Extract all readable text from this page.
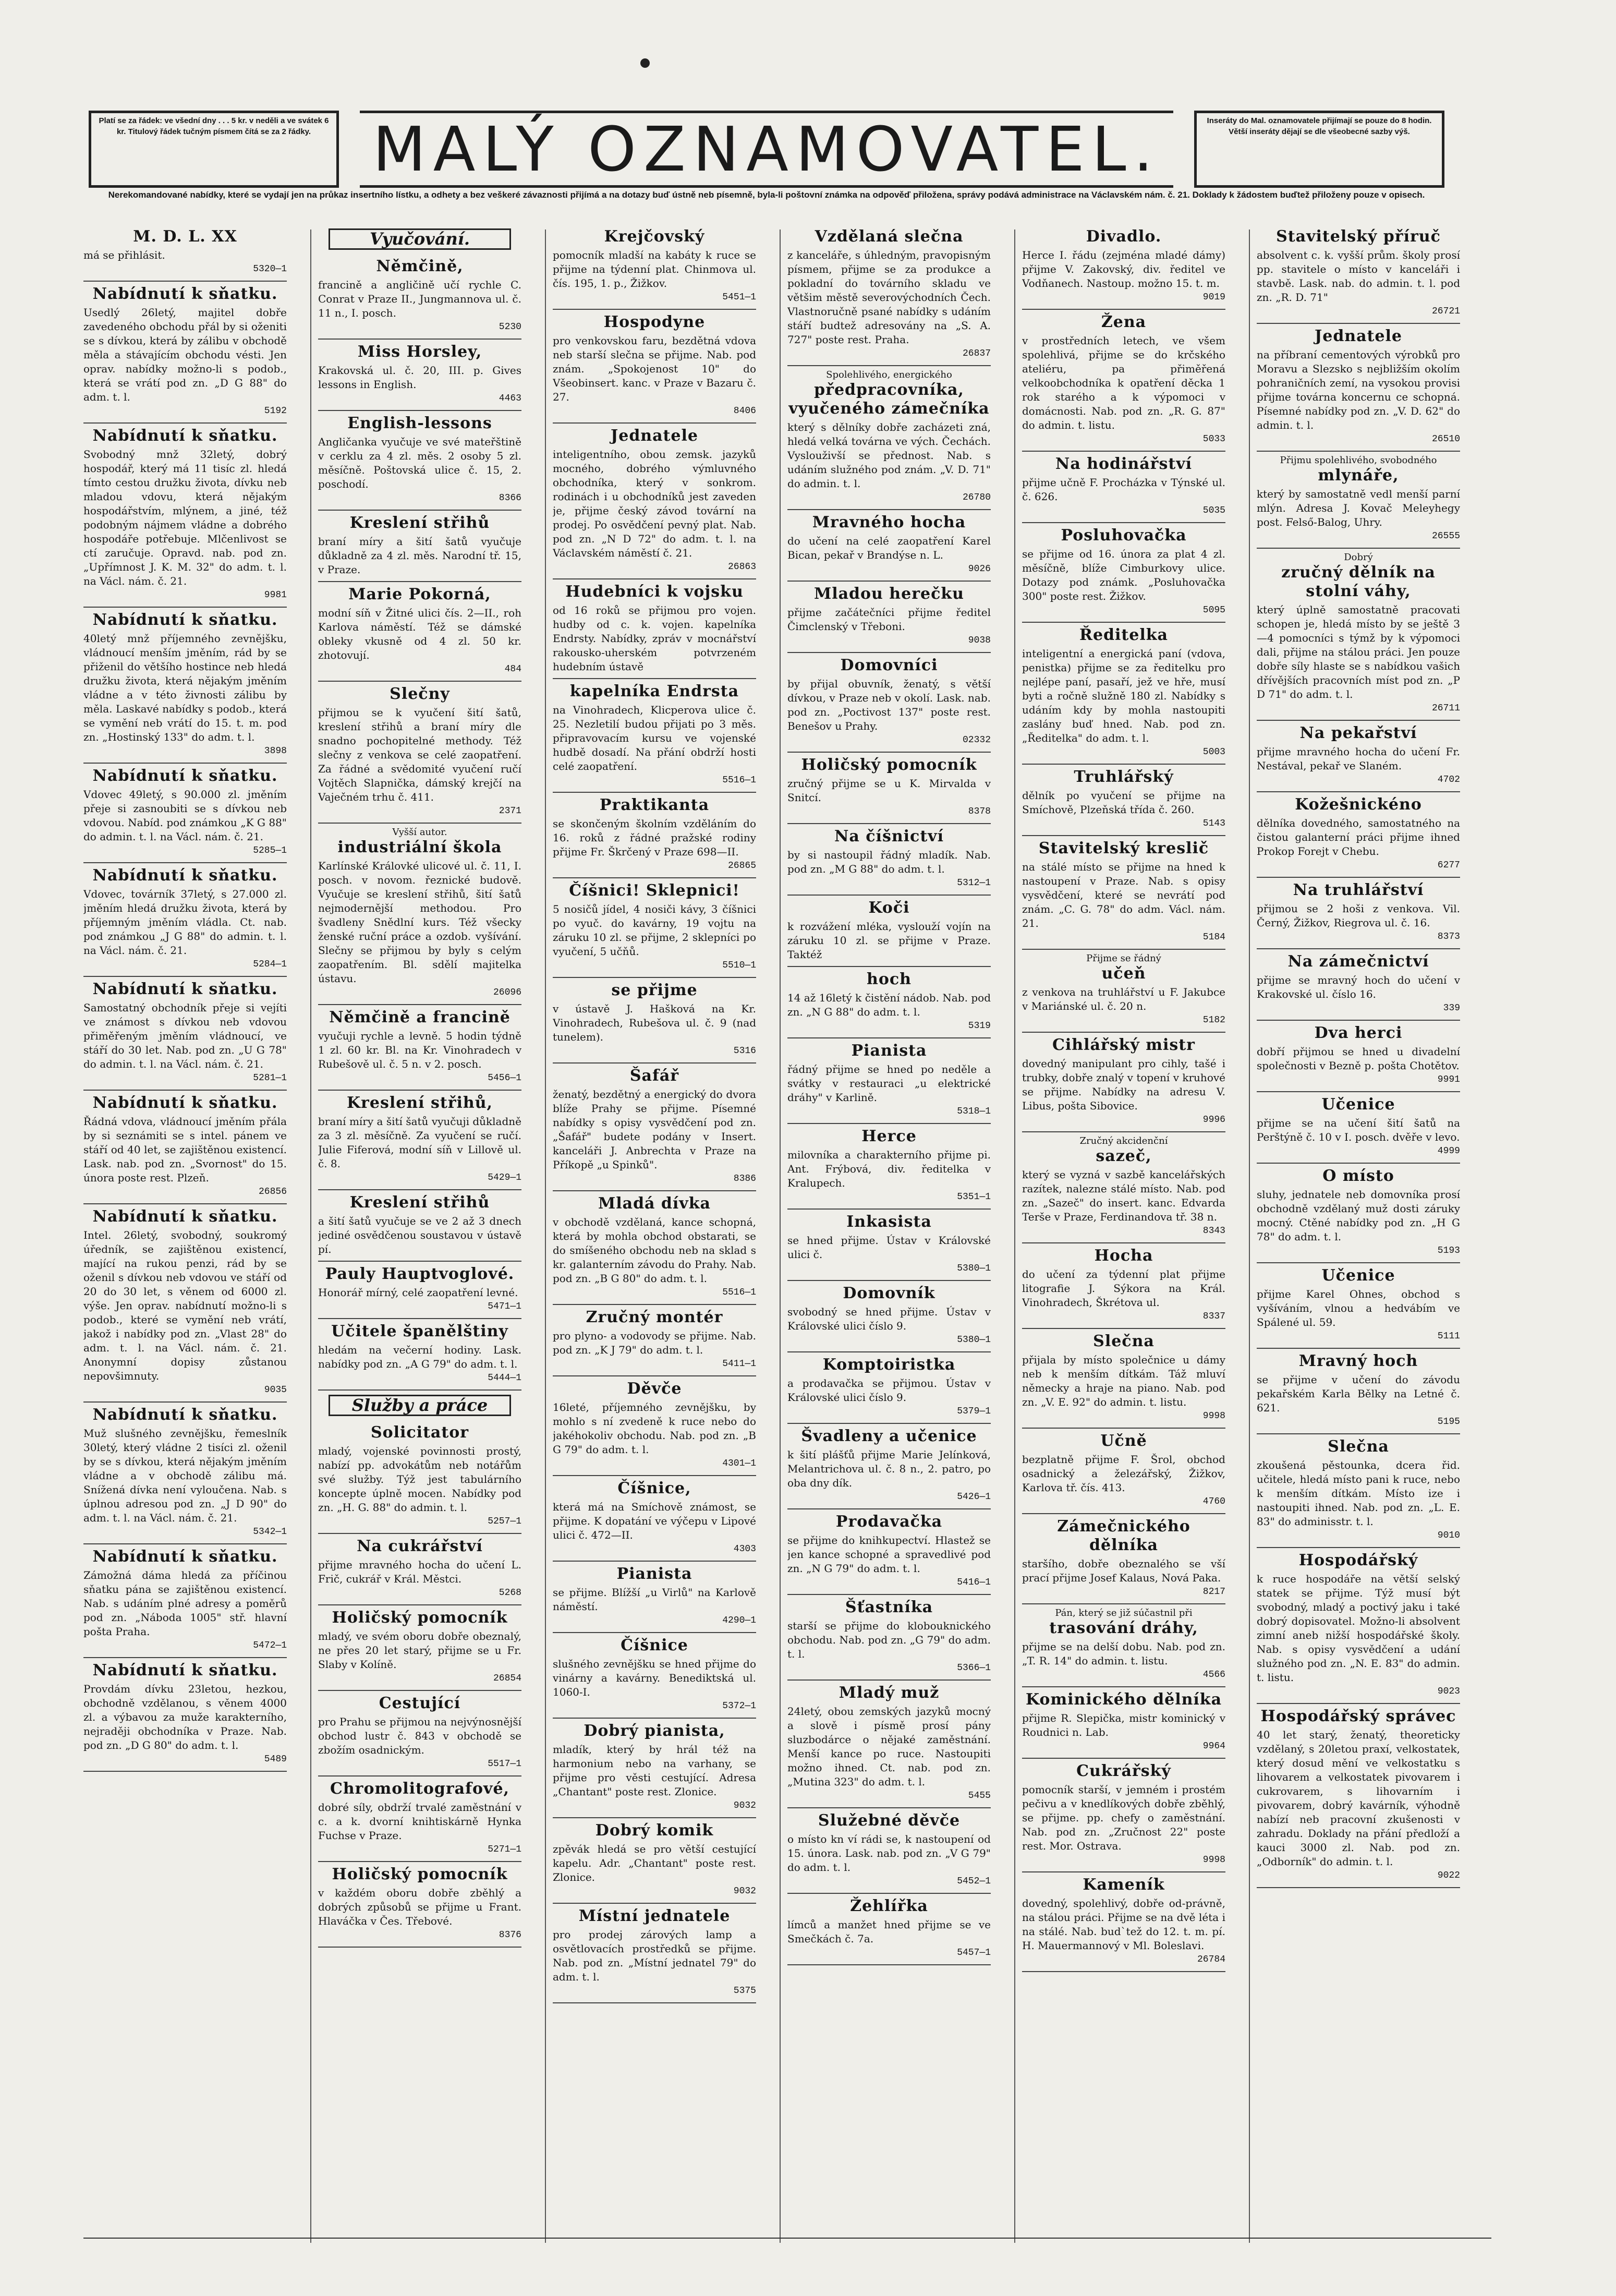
Platí se za řádek: ve všední dny . . . 5 kr. v neděli a ve svátek 6 kr. Titulový řádek tučným písmem čítá se za 2 řádky.	MALÝ OZNAMOVATEL.	Inseráty do Mal. oznamovatele přijímají se pouze do 8 hodin. Větší inseráty dějají se dle všeobecné sazby výš.
Nerekomandované nabídky, které se vydají jen na průkaz insertního lístku, a odhety a bez veškeré závaznosti přijímá a na dotazy buď ústně neb písemně, byla-li poštovní známka na odpověď přiložena, správy podává administrace na Václavském nám. č. 21. Doklady k žádostem buďtež přiloženy pouze v opisech.
M. D. L. XX
má se přihlásit.
5320—1
Nabídnutí k sňatku.
Usedlý 26letý, majitel dobře zavedeného obchodu přál by si oženiti se s dívkou, která by zálibu v obchodě měla a stávajícím obchodu vésti. Jen oprav. nabídky možno-li s podob., která se vrátí pod zn. „D G 88" do adm. t. l.
5192
Nabídnutí k sňatku.
Svobodný mnž 32letý, dobrý hospodář, který má 11 tisíc zl. hledá tímto cestou družku života, dívku neb mladou vdovu, která nějakým hospodářstvím, mlýnem, a jiné, též podobným nájmem vládne a dobrého hospodáře potřebuje. Mlčenlivost se ctí zaručuje. Opravd. nab. pod zn. „Upřímnost J. K. M. 32" do adm. t. l. na Václ. nám. č. 21.
9981
Nabídnutí k sňatku.
40letý mnž příjemného zevnějšku, vládnoucí menším jměním, rád by se přiženil do většího hostince neb hledá družku života, která nějakým jměním vládne a v této živnosti zálibu by měla. Laskavé nabídky s podob., která se vymění neb vrátí do 15. t. m. pod zn. „Hostinský 133" do adm. t. l.
3898
Nabídnutí k sňatku.
Vdovec 49letý, s 90.000 zl. jměním přeje si zasnoubiti se s dívkou neb vdovou. Nabíd. pod známkou „K G 88" do admin. t. l. na Václ. nám. č. 21.
5285—1
Nabídnutí k sňatku.
Vdovec, továrník 37letý, s 27.000 zl. jměním hledá družku života, která by příjemným jměním vládla. Ct. nab. pod známkou „J G 88" do admin. t. l. na Václ. nám. č. 21.
5284—1
Nabídnutí k sňatku.
Samostatný obchodník přeje si vejíti ve známost s dívkou neb vdovou přiměřeným jměním vládnoucí, ve stáří do 30 let. Nab. pod zn. „U G 78" do admin. t. l. na Václ. nám. č. 21.
5281—1
Nabídnutí k sňatku.
Řádná vdova, vládnoucí jměním přála by si seznámiti se s intel. pánem ve stáří od 40 let, se zajištěnou existencí. Lask. nab. pod zn. „Svornost" do 15. února poste rest. Plzeň.
26856
Nabídnutí k sňatku.
Intel. 26letý, svobodný, soukromý úředník, se zajištěnou existencí, mající na rukou penzi, rád by se oženil s dívkou neb vdovou ve stáří od 20 do 30 let, s věnem od 6000 zl. výše. Jen oprav. nabídnutí možno-li s podob., které se vymění neb vrátí, jakož i nabídky pod zn. „Vlast 28" do adm. t. l. na Václ. nám. č. 21. Anonymní dopisy zůstanou nepovšimnuty.
9035
Nabídnutí k sňatku.
Muž slušného zevnějšku, řemeslník 30letý, který vládne 2 tisíci zl. oženil by se s dívkou, která nějakým jměním vládne a v obchodě zálibu má. Snížená dívka není vyloučena. Nab. s úplnou adresou pod zn. „J D 90" do adm. t. l. na Václ. nám. č. 21.
5342—1
Nabídnutí k sňatku.
Zámožná dáma hledá za příčinou sňatku pána se zajištěnou existencí. Nab. s udáním plné adresy a poměrů pod zn. „Náboda 1005" stř. hlavní pošta Praha.
5472—1
Nabídnutí k sňatku.
Provdám dívku 23letou, hezkou, obchodně vzdělanou, s věnem 4000 zl. a výbavou za muže karakterního, nejraději obchodníka v Praze. Nab. pod zn. „D G 80" do adm. t. l.
5489
Vyučování.
Němčině,
francině a angličině učí rychle C. Conrat v Praze II., Jungmannova ul. č. 11 n., I. posch.
5230
Miss Horsley,
Krakovská ul. č. 20, III. p. Gives lessons in English.
4463
English-lessons
Angličanka vyučuje ve své mateřštině v cerklu za 4 zl. měs. 2 osoby 5 zl. měsíčně. Poštovská ulice č. 15, 2. poschodí.
8366
Kreslení střihů
braní míry a šití šatů vyučuje důkladně za 4 zl. měs. Narodní tř. 15, v Praze.
Marie Pokorná,
modní síň v Žitné ulici čís. 2—II., roh Karlova náměstí. Též se dámské obleky vkusně od 4 zl. 50 kr. zhotovují.
484
Slečny
přijmou se k vyučení šití šatů, kreslení střihů a braní míry dle snadno pochopitelné methody. Též slečny z venkova se celé zaopatření. Za řádné a svědomité vyučení ručí Vojtěch Slapnička, dámský krejčí na Vaječném trhu č. 411.
2371
Vyšší autor.
industriální škola
Karlínské Královké ulicové ul. č. 11, I. posch. v novom. řeznické budově. Vyučuje se kreslení střihů, šití šatů nejmodernější methodou. Pro švadleny Snědlní kurs. Též všecky ženské ruční práce a ozdob. vyšívání. Slečny se přijmou by byly s celým zaopatřením. Bl. sdělí majitelka ústavu.
26096
Němčině a francině
vyučuji rychle a levně. 5 hodin týdně 1 zl. 60 kr. Bl. na Kr. Vinohradech v Rubešově ul. č. 5 n. v 2. posch.
5456—1
Kreslení střihů,
braní míry a šití šatů vyučuji důkladně za 3 zl. měsíčně. Za vyučení se ručí. Julie Fiferová, modní síň v Lillově ul. č. 8.
5429—1
Kreslení střihů
a šití šatů vyučuje se ve 2 až 3 dnech jediné osvědčenou soustavou v ústavě pí.
Pauly Hauptvoglové.
Honorář mírný, celé zaopatření levné.
5471—1
Učitele španělštiny
hledám na večerní hodiny. Lask. nabídky pod zn. „A G 79" do adm. t. l.
5444—1
Služby a práce
Solicitator
mladý, vojenské povinnosti prostý, nabízí pp. advokátům neb notářům své služby. Týž jest tabulárního koncepte úplně mocen. Nabídky pod zn. „H. G. 88" do admin. t. l.
5257—1
Na cukrářství
přijme mravného hocha do učení L. Frič, cukrář v Král. Městci.
5268
Holičský pomocník
mladý, ve svém oboru dobře obeznalý, ne přes 20 let starý, přijme se u Fr. Slaby v Kolíně.
26854
Cestující
pro Prahu se přijmou na nejvýnosnější obchod lustr č. 843 v obchodě se zbožím osadnickým.
5517—1
Chromolitografové,
dobré síly, obdrží trvalé zaměstnání v c. a k. dvorní knihtiskárně Hynka Fuchse v Praze.
5271—1
Holičský pomocník
v každém oboru dobře zběhlý a dobrých způsobů se přijme u Frant. Hlaváčka v Čes. Třebové.
8376
Krejčovský
pomocník mladší na kabáty k ruce se přijme na týdenní plat. Chinmova ul. čís. 195, 1. p., Žižkov.
5451—1
Hospodyne
pro venkovskou faru, bezdětná vdova neb starší slečna se přijme. Nab. pod znám. „Spokojenost 10" do Všeobinsert. kanc. v Praze v Bazaru č. 27.
8406
Jednatele
inteligentního, obou zemsk. jazyků mocného, dobrého výmluvného obchodníka, který v sonkrom. rodinách i u obchodníků jest zaveden je, přijme český závod tovární na prodej. Po osvědčení pevný plat. Nab. pod zn. „N D 72" do adm. t. l. na Václavském náměstí č. 21.
26863
Hudebníci k vojsku
od 16 roků se přijmou pro vojen. hudby od c. k. vojen. kapelníka Endrsty. Nabídky, zpráv v mocnářství rakousko-uherském potvrzeném hudebním ústavě
kapelníka Endrsta
na Vinohradech, Klicperova ulice č. 25. Nezletilí budou přijati po 3 měs. připravovacím kursu ve vojenské hudbě dosadí. Na přání obdrží hosti celé zaopatření.
5516—1
Praktikanta
se skončeným školním vzděláním do 16. roků z řádné pražské rodiny přijme Fr. Škrčený v Praze 698—II.
26865
Číšnici! Sklepnici!
5 nosičů jídel, 4 nosiči kávy, 3 číšnici po vyuč. do kavárny, 19 vojtu na záruku 10 zl. se přijme, 2 sklepníci po vyučení, 5 učňů.
5510—1
se přijme
v ústavě J. Hašková na Kr. Vinohradech, Rubešova ul. č. 9 (nad tunelem).
5316
Šafář
ženatý, bezdětný a energický do dvora blíže Prahy se přijme. Písemné nabídky s opisy vysvědčení pod zn. „Šafář" budete podány v Insert. kanceláři J. Anbrechta v Praze na Příkopě „u Spinků".
8386
Mladá dívka
v obchodě vzdělaná, kance schopná, která by mohla obchod obstarati, se do smíšeného obchodu neb na sklad s kr. galanterním závodu do Prahy. Nab. pod zn. „B G 80" do adm. t. l.
5516—1
Zručný montér
pro plyno- a vodovody se přijme. Nab. pod zn. „K J 79" do adm. t. l.
5411—1
Děvče
16leté, příjemného zevnějšku, by mohlo s ní zvedeně k ruce nebo do jakéhokoliv obchodu. Nab. pod zn. „B G 79" do adm. t. l.
4301—1
Číšnice,
která má na Smíchově známost, se přijme. K dopatání ve výčepu v Lipové ulici č. 472—II.
4303
Pianista
se přijme. Blížší „u Virlů" na Karlově náměstí.
4290—1
Číšnice
slušného zevnějšku se hned přijme do vinárny a kavárny. Benediktská ul. 1060-I.
5372—1
Dobrý pianista,
mladík, který by hrál též na harmonium nebo na varhany, se přijme pro věsti cestující. Adresa „Chantant" poste rest. Zlonice.
9032
Dobrý komik
zpěvák hledá se pro větší cestující kapelu. Adr. „Chantant" poste rest. Zlonice.
9032
Místní jednatele
pro prodej zárových lamp a osvětlovacích prostředků se přijme. Nab. pod zn. „Místní jednatel 79" do adm. t. l.
5375
Vzdělaná slečna
z kanceláře, s úhledným, pravopisným písmem, přijme se za produkce a pokladní do továrního skladu ve většim městě severovýchodních Čech. Vlastnoručně psané nabídky s udáním stáří budtež adresovány na „S. A. 727" poste rest. Praha.
26837
Spolehlivého, energického
předpracovníka, vyučeného zámečníka
který s dělníky dobře zacházeti zná, hledá velká továrna ve vých. Čechách. Vyslouživší se přednost. Nab. s udáním služného pod znám. „V. D. 71" do admin. t. l.
26780
Mravného hocha
do učení na celé zaopatření Karel Bican, pekař v Brandýse n. L.
9026
Mladou herečku
přijme začátečníci přijme ředitel Čimclenský v Třeboni.
9038
Domovníci
by přijal obuvník, ženatý, s větší dívkou, v Praze neb v okolí. Lask. nab. pod zn. „Poctivost 137" poste rest. Benešov u Prahy.
02332
Holičský pomocník
zručný přijme se u K. Mirvalda v Snitcí.
8378
Na číšnictví
by si nastoupil řádný mladík. Nab. pod zn. „M G 88" do adm. t. l.
5312—1
Koči
k rozvážení mléka, vyslouží vojín na záruku 10 zl. se přijme v Praze. Taktéž
hoch
14 až 16letý k čistění nádob. Nab. pod zn. „N G 88" do adm. t. l.
5319
Pianista
řádný přijme se hned po neděle a svátky v restauraci „u elektrické dráhy" v Karlině.
5318—1
Herce
milovníka a charakterního přijme pi. Ant. Frýbová, div. ředitelka v Kralupech.
5351—1
Inkasista
se hned přijme. Ústav v Královské ulici č.
5380—1
Domovník
svobodný se hned přijme. Ústav v Královské ulici číslo 9.
5380—1
Komptoiristka
a prodavačka se přijmou. Ústav v Královské ulici číslo 9.
5379—1
Švadleny a učenice
k šití plášťů přijme Marie Jelínková, Melantrichova ul. č. 8 n., 2. patro, po oba dny dík.
5426—1
Prodavačka
se přijme do knihkupectví. Hlastež se jen kance schopné a spravedlivé pod zn. „N G 79" do adm. t. l.
5416—1
Šťastníka
starší se přijme do klobouknického obchodu. Nab. pod zn. „G 79" do adm. t. l.
5366—1
Mladý muž
24letý, obou zemských jazyků mocný a slově i písmě prosí pány sluzbodárce o nějaké zaměstnání. Menší kance po ruce. Nastoupiti možno ihned. Ct. nab. pod zn. „Mutina 323" do adm. t. l.
5455
Služebné děvče
o místo kn ví rádi se, k nastoupení od 15. února. Lask. nab. pod zn. „V G 79" do adm. t. l.
5452—1
Žehlířka
límců a manžet hned přijme se ve Smečkách č. 7a.
5457—1
Divadlo.
Herce I. řádu (zejména mladé dámy) přijme V. Zakovský, div. ředitel ve Vodňanech. Nastoup. možno 15. t. m.
9019
Žena
v prostředních letech, ve všem spolehlivá, přijme se do krčského ateliéru, pa přiměřená velkoobchodníka k opatření děcka 1 rok starého a k výpomoci v domácnosti. Nab. pod zn. „R. G. 87" do admin. t. listu.
5033
Na hodinářství
přijme učně F. Procházka v Týnské ul. č. 626.
5035
Posluhovačka
se přijme od 16. února za plat 4 zl. měsíčně, blíže Cimburkovy ulice. Dotazy pod známk. „Posluhovačka 300" poste rest. Žižkov.
5095
Ředitelka
inteligentní a energická paní (vdova, penistka) přijme se za ředitelku pro nejlépe paní, pasaří, jež ve hře, musí byti a ročně služně 180 zl. Nabídky s udáním kdy by mohla nastoupiti zaslány buď hned. Nab. pod zn. „Ředitelka" do adm. t. l.
5003
Truhlářský
dělník po vyučení se přijme na Smíchově, Plzeňská třída č. 260.
5143
Stavitelský kreslič
na stálé místo se přijme na hned k nastoupení v Praze. Nab. s opisy vysvědčení, které se nevrátí pod znám. „C. G. 78" do adm. Václ. nám. 21.
5184
Přijme se řádný
učeň
z venkova na truhlářství u F. Jakubce v Mariánské ul. č. 20 n.
5182
Cihlářský mistr
dovedný manipulant pro cihly, tašé i trubky, dobře znalý v topení v kruhové se přijme. Nabídky na adresu V. Libus, pošta Sibovice.
9996
Zručný akcidenční
sazeč,
který se vyzná v sazbě kancelářských razítek, nalezne stálé místo. Nab. pod zn. „Sazeč" do insert. kanc. Edvarda Terše v Praze, Ferdinandova tř. 38 n.
8343
Hocha
do učení za týdenní plat přijme litografie J. Sýkora na Král. Vinohradech, Škrétova ul.
8337
Slečna
přijala by místo společnice u dámy neb k menším dítkám. Táž mluví německy a hraje na piano. Nab. pod zn. „V. E. 92" do admin. t. listu.
9998
Učně
bezplatně přijme F. Šrol, obchod osadnický a železářský, Žižkov, Karlova tř. čís. 413.
4760
Zámečnického dělníka
staršího, dobře obeznalého se vší prací přijme Josef Kalaus, Nová Paka.
8217
Pán, který se již súčastnil při
trasování dráhy,
přijme se na delší dobu. Nab. pod zn. „T. R. 14" do admin. t. listu.
4566
Kominického dělníka
přijme R. Slepička, mistr kominický v Roudnici n. Lab.
9964
Cukrářský
pomocník starší, v jemném i prostém pečivu a v knedlíkových dobře zběhlý, se přijme. pp. chefy o zaměstnání. Nab. pod zn. „Zručnost 22" poste rest. Mor. Ostrava.
9998
Kameník
dovedný, spolehlivý, dobře od-právně, na stálou práci. Přijme se na dvě léta i na stálé. Nab. bud`tež do 12. t. m. pí. H. Mauermannový v Ml. Boleslavi.
26784
Stavitelský příruč
absolvent c. k. vyšší prům. školy prosí pp. stavitele o místo v kanceláři i stavbě. Lask. nab. do admin. t. l. pod zn. „R. D. 71"
26721
Jednatele
na příbraní cementových výrobků pro Moravu a Slezsko s nejbližším okolím pohraničních zemí, na vysokou provisi přijme továrna koncernu ce schopná. Písemné nabídky pod zn. „V. D. 62" do admin. t. l.
26510
Přijmu spolehlivého, svobodného
mlynáře,
který by samostatně vedl menší parní mlýn. Adresa J. Kovač Meleyhegy post. Felső-Balog, Uhry.
26555
Dobrý
zručný dělník na stolní váhy,
který úplně samostatně pracovati schopen je, hledá místo by se ještě 3—4 pomocníci s týmž by k výpomoci dali, přijme na stálou práci. Jen pouze dobře síly hlaste se s nabídkou vašich dřívějších pracovních míst pod zn. „P D 71" do adm. t. l.
26711
Na pekařství
přijme mravného hocha do učení Fr. Nestával, pekař ve Slaném.
4702
Kožešnickéno
dělníka dovedného, samostatného na čistou galanterní práci přijme ihned Prokop Forejt v Chebu.
6277
Na truhlářství
přijmou se 2 hoši z venkova. Vil. Černý, Žižkov, Riegrova ul. č. 16.
8373
Na zámečnictví
přijme se mravný hoch do učení v Krakovské ul. číslo 16.
339
Dva herci
dobří přijmou se hned u divadelní společnosti v Bezně p. pošta Chotětov.
9991
Učenice
přijme se na učení šití šatů na Perštýně č. 10 v I. posch. dvěře v levo.
4999
O místo
sluhy, jednatele neb domovníka prosí obchodně vzdělaný muž dosti záruky mocný. Ctěné nabídky pod zn. „H G 78" do adm. t. l.
5193
Učenice
přijme Karel Ohnes, obchod s vyšíváním, vlnou a hedvábím ve Spálené ul. 59.
5111
Mravný hoch
se přijme v učení do závodu pekařském Karla Bělky na Letné č. 621.
5195
Slečna
zkoušená pěstounka, dcera řid. učitele, hledá místo pani k ruce, nebo k menším dítkám. Místo ize i nastoupiti ihned. Nab. pod zn. „L. E. 83" do adminisstr. t. l.
9010
Hospodářský
k ruce hospodáře na větší selský statek se přijme. Týž musí být svobodný, mladý a poctivý jaku i také dobrý dopisovatel. Možno-li absolvent zimní aneb nižší hospodářské školy. Nab. s opisy vysvědčení a udání služného pod zn. „N. E. 83" do admin. t. listu.
9023
Hospodářský správec
40 let starý, ženatý, theoreticky vzdělaný, s 20letou praxí, velkostatek, který dosud mění ve velkostatku s lihovarem a velkostatek pivovarem i cukrovarem, s lihovarním i pivovarem, dobrý kavárník, výhodně nabízí neb pracovní zkušenosti v zahradu. Doklady na přání předloží a kauci 3000 zl. Nab. pod zn. „Odborník" do admin. t. l.
9022
